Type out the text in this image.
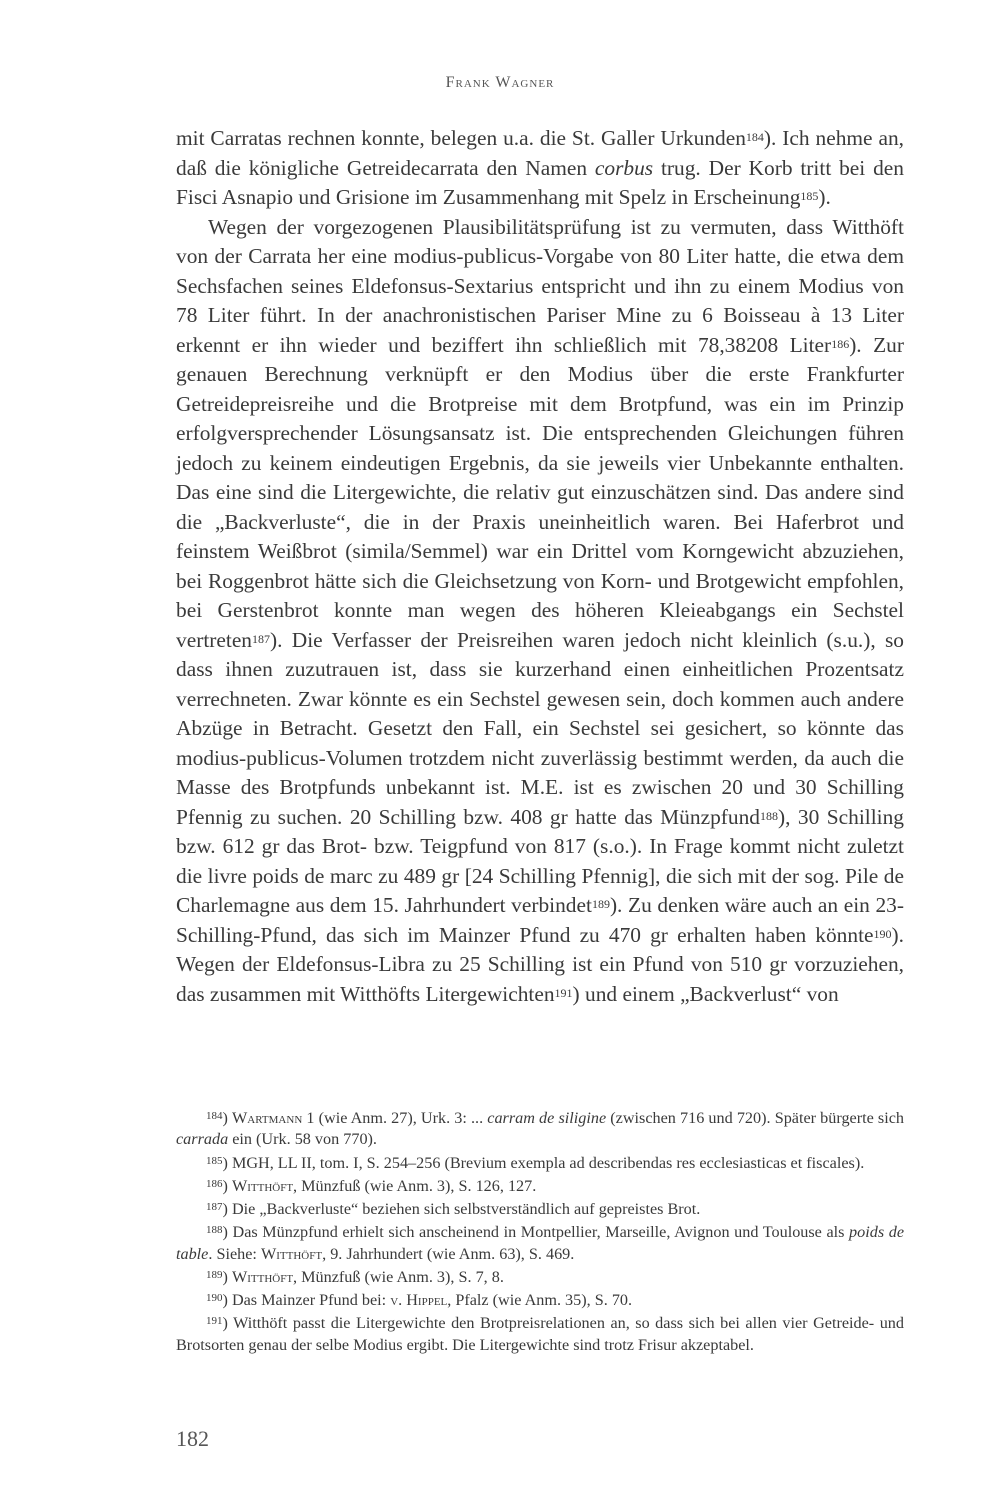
Frank Wagner

mit Carratas rechnen konnte, belegen u.a. die St. Galler Urkunden$^{184}$). Ich nehme an, daß die königliche Getreidecarrata den Namen corbus trug. Der Korb tritt bei den Fisci Asnapio und Grisione im Zusammenhang mit Spelz in Erscheinung$^{185}$).

Wegen der vorgezogenen Plausibilitätsprüfung ist zu vermuten, dass Witthöft von der Carrata her eine modius-publicus-Vorgabe von 80 Liter hatte, die etwa dem Sechsfachen seines Eldefonsus-Sextarius entspricht und ihn zu einem Modius von 78 Liter führt. In der anachronistischen Pariser Mine zu 6 Boisseau à 13 Liter erkennt er ihn wieder und beziffert ihn schließlich mit 78,38208 Liter$^{186}$). Zur genauen Berechnung verknüpft er den Modius über die erste Frankfurter Getreidepreisreihe und die Brotpreise mit dem Brotpfund, was ein im Prinzip erfolgversprechender Lösungsansatz ist. Die entsprechenden Gleichungen führen jedoch zu keinem eindeutigen Ergebnis, da sie jeweils vier Unbekannte enthalten. Das eine sind die Litergewichte, die relativ gut einzuschätzen sind. Das andere sind die „Backverluste“, die in der Praxis uneinheitlich waren. Bei Haferbrot und feinstem Weißbrot (simila/Semmel) war ein Drittel vom Korngewicht abzuziehen, bei Roggenbrot hätte sich die Gleichsetzung von Korn- und Brotgewicht empfohlen, bei Gerstenbrot konnte man wegen des höheren Kleieabgangs ein Sechstel vertreten$^{187}$). Die Verfasser der Preisreihen waren jedoch nicht kleinlich (s.u.), so dass ihnen zuzutrauen ist, dass sie kurzerhand einen einheitlichen Prozentsatz verrechneten. Zwar könnte es ein Sechstel gewesen sein, doch kommen auch andere Abzüge in Betracht. Gesetzt den Fall, ein Sechstel sei gesichert, so könnte das modius-publicus-Volumen trotzdem nicht zuverlässig bestimmt werden, da auch die Masse des Brotpfunds unbekannt ist. M.E. ist es zwischen 20 und 30 Schilling Pfennig zu suchen. 20 Schilling bzw. 408 gr hatte das Münzpfund$^{188}$), 30 Schilling bzw. 612 gr das Brot- bzw. Teigpfund von 817 (s.o.). In Frage kommt nicht zuletzt die livre poids de marc zu 489 gr [24 Schilling Pfennig], die sich mit der sog. Pile de Charlemagne aus dem 15. Jahrhundert verbindet$^{189}$). Zu denken wäre auch an ein 23-Schilling-Pfund, das sich im Mainzer Pfund zu 470 gr erhalten haben könnte$^{190}$). Wegen der Eldefonsus-Libra zu 25 Schilling ist ein Pfund von 510 gr vorzuziehen, das zusammen mit Witthöfts Litergewichten$^{191}$) und einem „Backverlust“ von

$^{184}$) Wartmann 1 (wie Anm. 27), Urk. 3: ... carram de siligine (zwischen 716 und 720). Später bürgerte sich carrada ein (Urk. 58 von 770).

$^{185}$) MGH, LL II, tom. I, S. 254–256 (Brevium exempla ad describendas res ecclesiasticas et fiscales).

$^{186}$) Witthöft, Münzfuß (wie Anm. 3), S. 126, 127.

$^{187}$) Die „Backverluste“ beziehen sich selbstverständlich auf gepreistes Brot.

$^{188}$) Das Münzpfund erhielt sich anscheinend in Montpellier, Marseille, Avignon und Toulouse als poids de table. Siehe: Witthöft, 9. Jahrhundert (wie Anm. 63), S. 469.

$^{189}$) Witthöft, Münzfuß (wie Anm. 3), S. 7, 8.

$^{190}$) Das Mainzer Pfund bei: v. Hippel, Pfalz (wie Anm. 35), S. 70.

$^{191}$) Witthöft passt die Litergewichte den Brotpreisrelationen an, so dass sich bei allen vier Getreide- und Brotsorten genau der selbe Modius ergibt. Die Litergewichte sind trotz Frisur akzeptabel.

182
